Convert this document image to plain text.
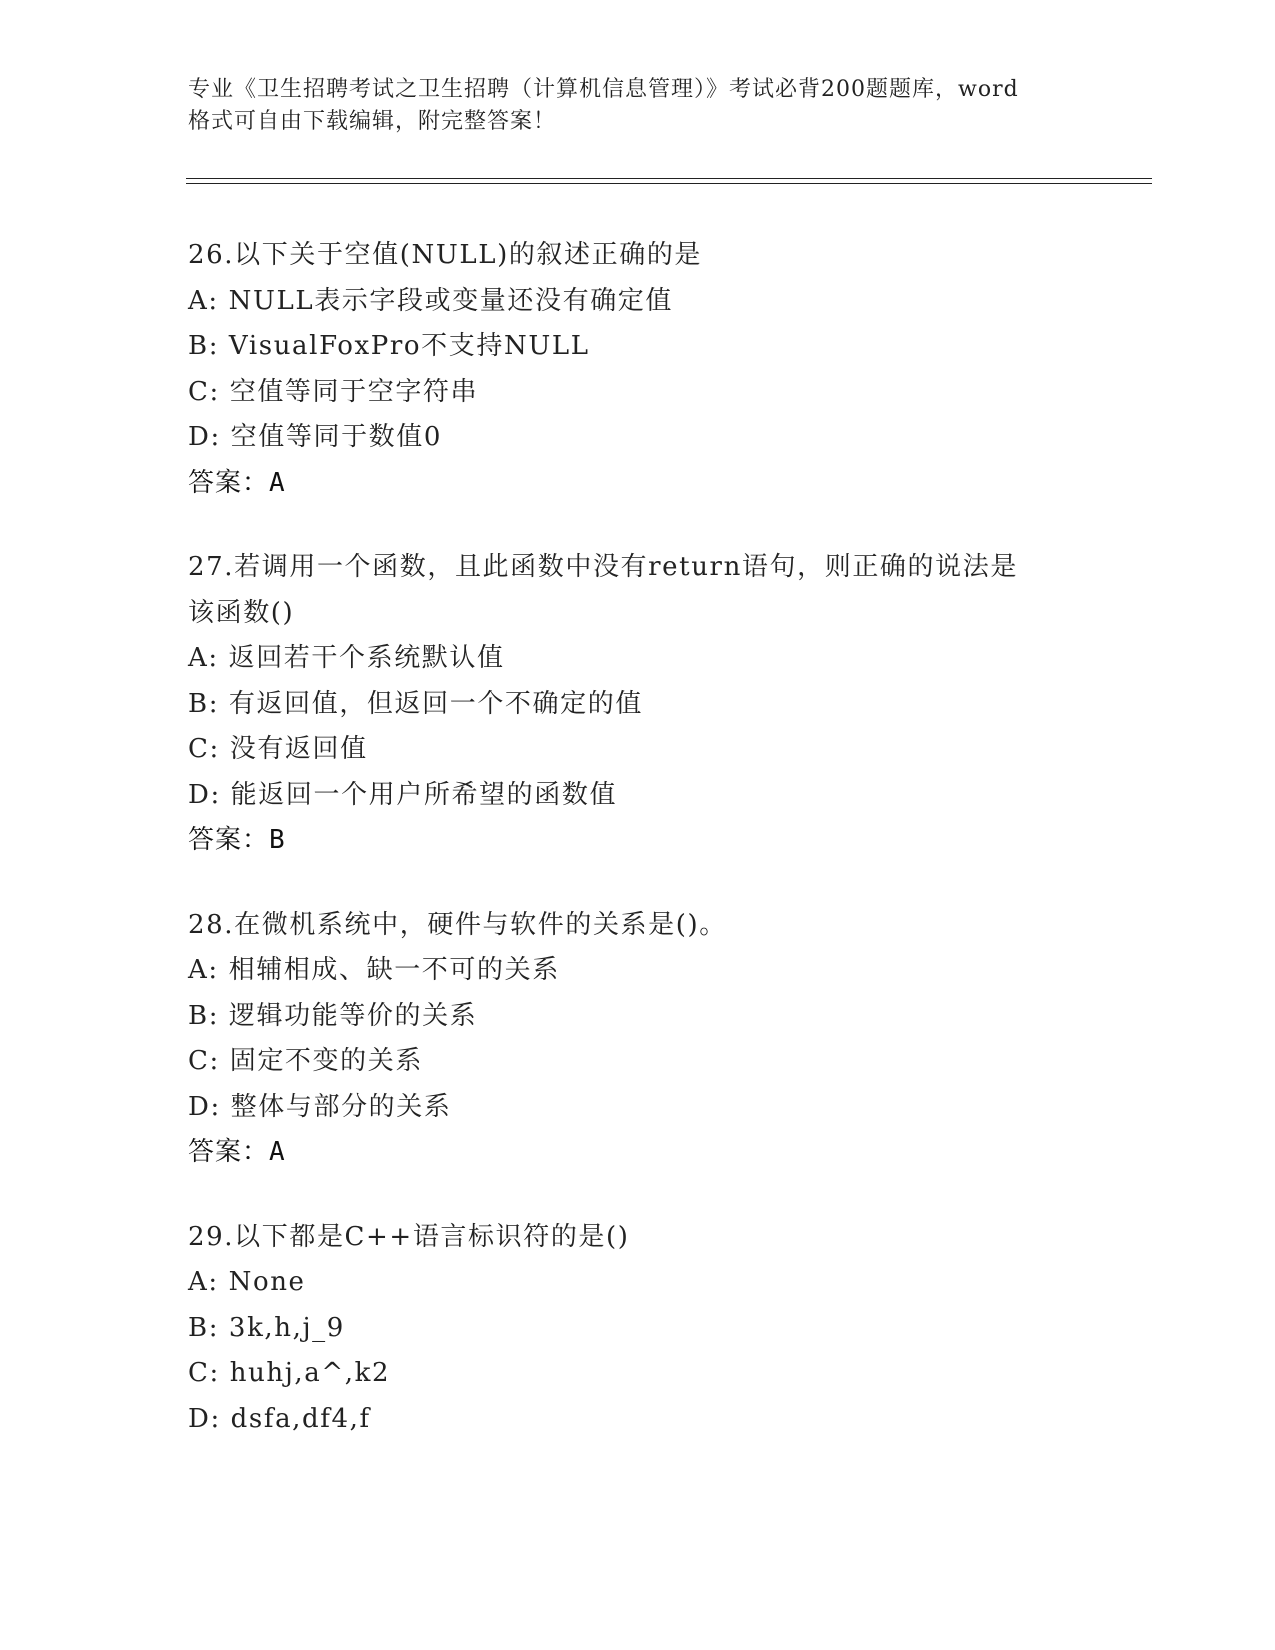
专业《卫生招聘考试之卫生招聘（计算机信息管理）》考试必背200题题库，word
格式可自由下载编辑，附完整答案！
26.以下关于空值(NULL)的叙述正确的是
A: NULL表示字段或变量还没有确定值
B: VisualFoxPro不支持NULL
C: 空值等同于空字符串
D: 空值等同于数值0
答案：A
27.若调用一个函数，且此函数中没有return语句，则正确的说法是
该函数()
A: 返回若干个系统默认值
B: 有返回值，但返回一个不确定的值
C: 没有返回值
D: 能返回一个用户所希望的函数值
答案：B
28.在微机系统中，硬件与软件的关系是()。
A: 相辅相成、缺一不可的关系
B: 逻辑功能等价的关系
C: 固定不变的关系
D: 整体与部分的关系
答案：A
29.以下都是C++语言标识符的是()
A: None
B: 3k,h,j_9
C: huhj,a^,k2
D: dsfa,df4,f
